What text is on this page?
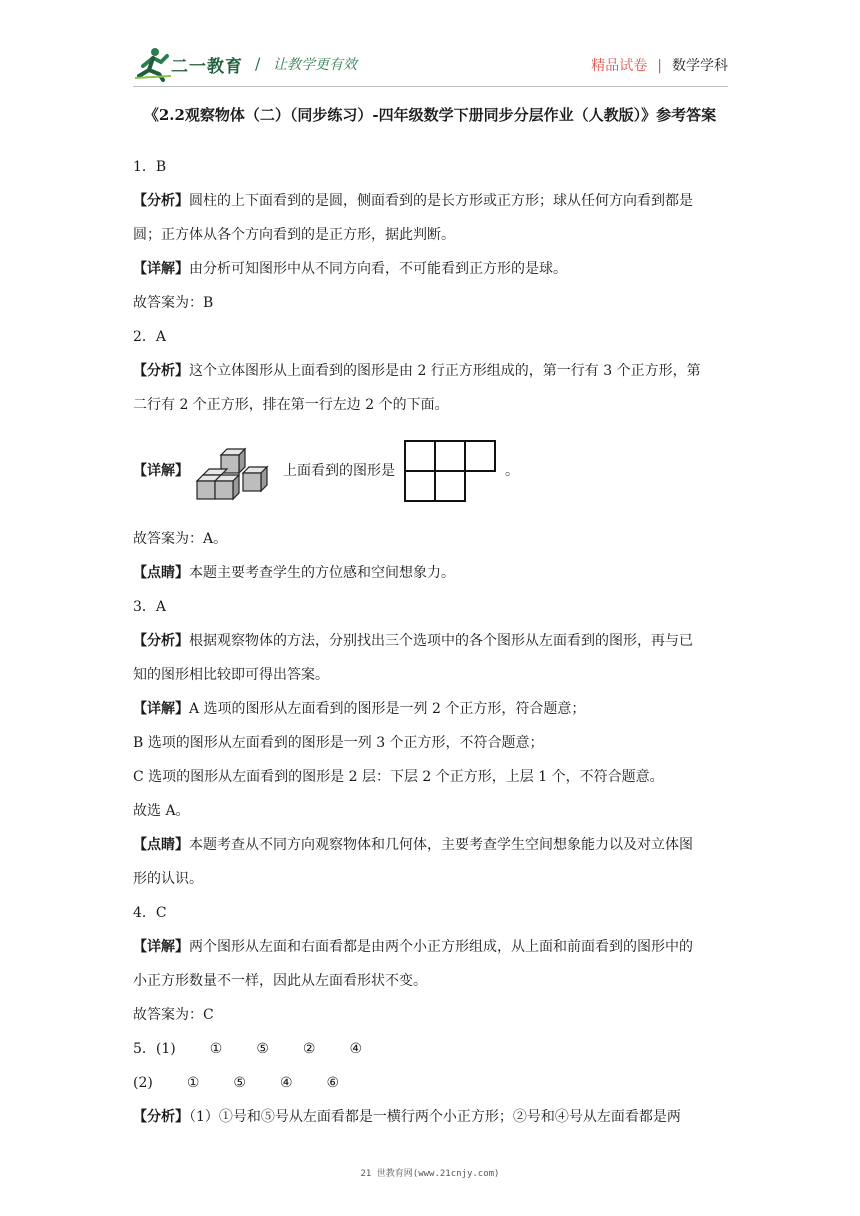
二一教育 / 让教学更有效	精品试卷 | 数学学科
《2.2观察物体（二）（同步练习）-四年级数学下册同步分层作业（人教版）》参考答案

1．B

【分析】圆柱的上下面看到的是圆，侧面看到的是长方形或正方形；球从任何方向看到都是

圆；正方体从各个方向看到的是正方形，据此判断。

【详解】由分析可知图形中从不同方向看，不可能看到正方形的是球。

故答案为：B

2．A

【分析】这个立体图形从上面看到的图形是由 2 行正方形组成的，第一行有 3 个正方形，第

二行有 2 个正方形，排在第一行左边 2 个的下面。

【详解】	上面看到的图形是	。

故答案为：A。

【点睛】本题主要考查学生的方位感和空间想象力。

3．A

【分析】根据观察物体的方法，分别找出三个选项中的各个图形从左面看到的图形，再与已

知的图形相比较即可得出答案。

【详解】A 选项的图形从左面看到的图形是一列 2 个正方形，符合题意；

B 选项的图形从左面看到的图形是一列 3 个正方形，不符合题意；

C 选项的图形从左面看到的图形是 2 层：下层 2 个正方形，上层 1 个，不符合题意。

故选 A。

【点睛】本题考查从不同方向观察物体和几何体，主要考查学生空间想象能力以及对立体图

形的认识。

4．C

【详解】两个图形从左面和右面看都是由两个小正方形组成，从上面和前面看到的图形中的

小正方形数量不一样，因此从左面看形状不变。

故答案为：C

5．(1) ① ⑤ ② ④

(2) ① ⑤ ④ ⑥

【分析】（1）①号和⑤号从左面看都是一横行两个小正方形；②号和④号从左面看都是两

21 世教育网(www.21cnjy.com)
